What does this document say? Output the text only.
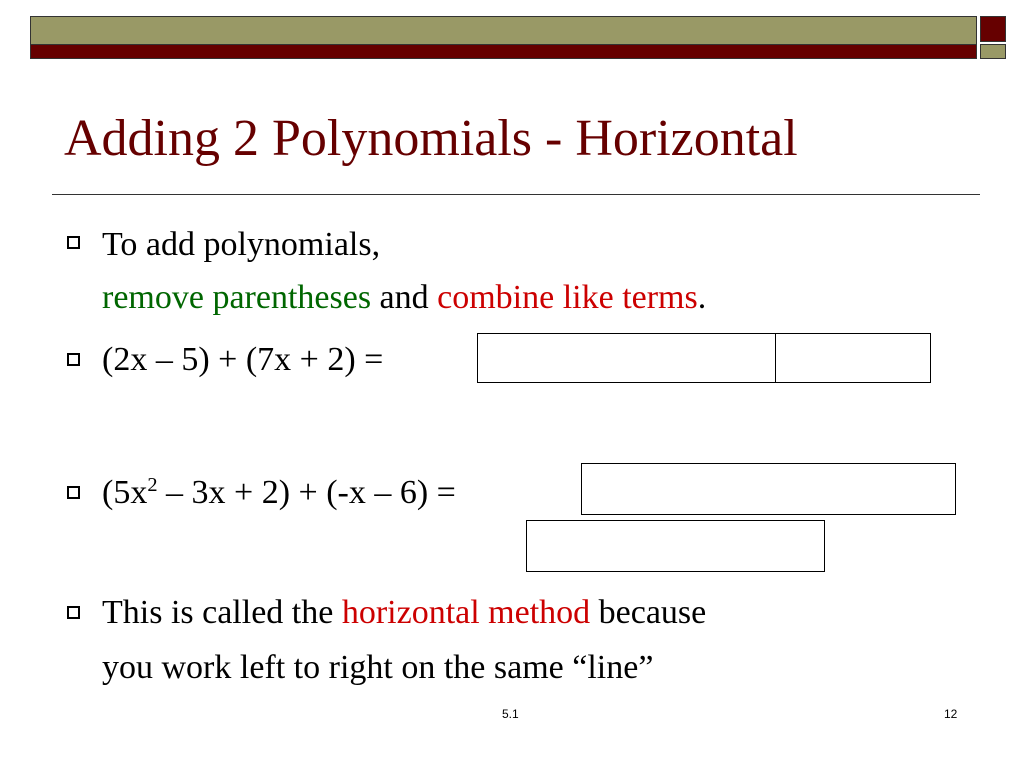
Adding 2 Polynomials - Horizontal
To add polynomials,
remove parentheses and combine like terms.
(2x – 5) + (7x + 2) =
$(5x^2 - 3x + 2) + (-x - 6)$ =
This is called the horizontal method because
you work left to right on the same “line”
5.1	12
